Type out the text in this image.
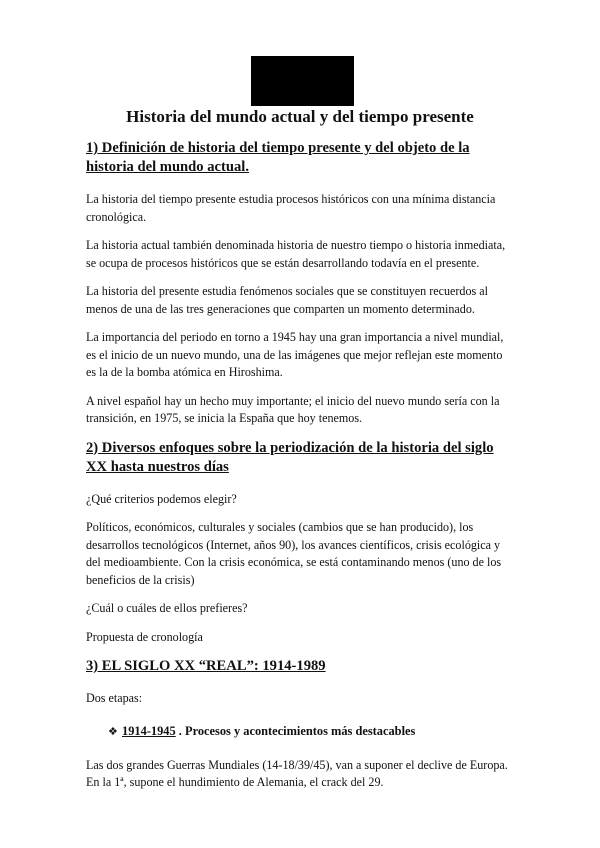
Historia del mundo actual y del tiempo presente
1) Definición de historia del tiempo presente y del objeto de la historia del mundo actual.
La historia del tiempo presente estudia procesos históricos con una mínima distancia cronológica.
La historia actual también denominada historia de nuestro tiempo o historia inmediata, se ocupa de procesos históricos que se están desarrollando todavía en el presente.
La historia del presente estudia fenómenos sociales que se constituyen recuerdos al menos de una de las tres generaciones que comparten un momento determinado.
La importancia del periodo en torno a 1945 hay una gran importancia a nivel mundial, es el inicio de un nuevo mundo, una de las imágenes que mejor reflejan este momento es la de la bomba atómica en Hiroshima.
A nivel español hay un hecho muy importante; el inicio del nuevo mundo sería con la transición, en 1975, se inicia la España que hoy tenemos.
2) Diversos enfoques sobre la periodización de la historia del siglo XX hasta nuestros días
¿Qué criterios podemos elegir?
Políticos, económicos, culturales y sociales (cambios que se han producido), los desarrollos tecnológicos (Internet, años 90), los avances científicos, crisis ecológica y del medioambiente. Con la crisis económica, se está contaminando menos (uno de los beneficios de la crisis)
¿Cuál o cuáles de ellos prefieres?
Propuesta de cronología
3) EL SIGLO XX “REAL”: 1914-1989
Dos etapas:
❖ 1914-1945 . Procesos y acontecimientos más destacables
Las dos grandes Guerras Mundiales (14-18/39/45), van a suponer el declive de Europa. En la 1ª, supone el hundimiento de Alemania, el crack del 29.
